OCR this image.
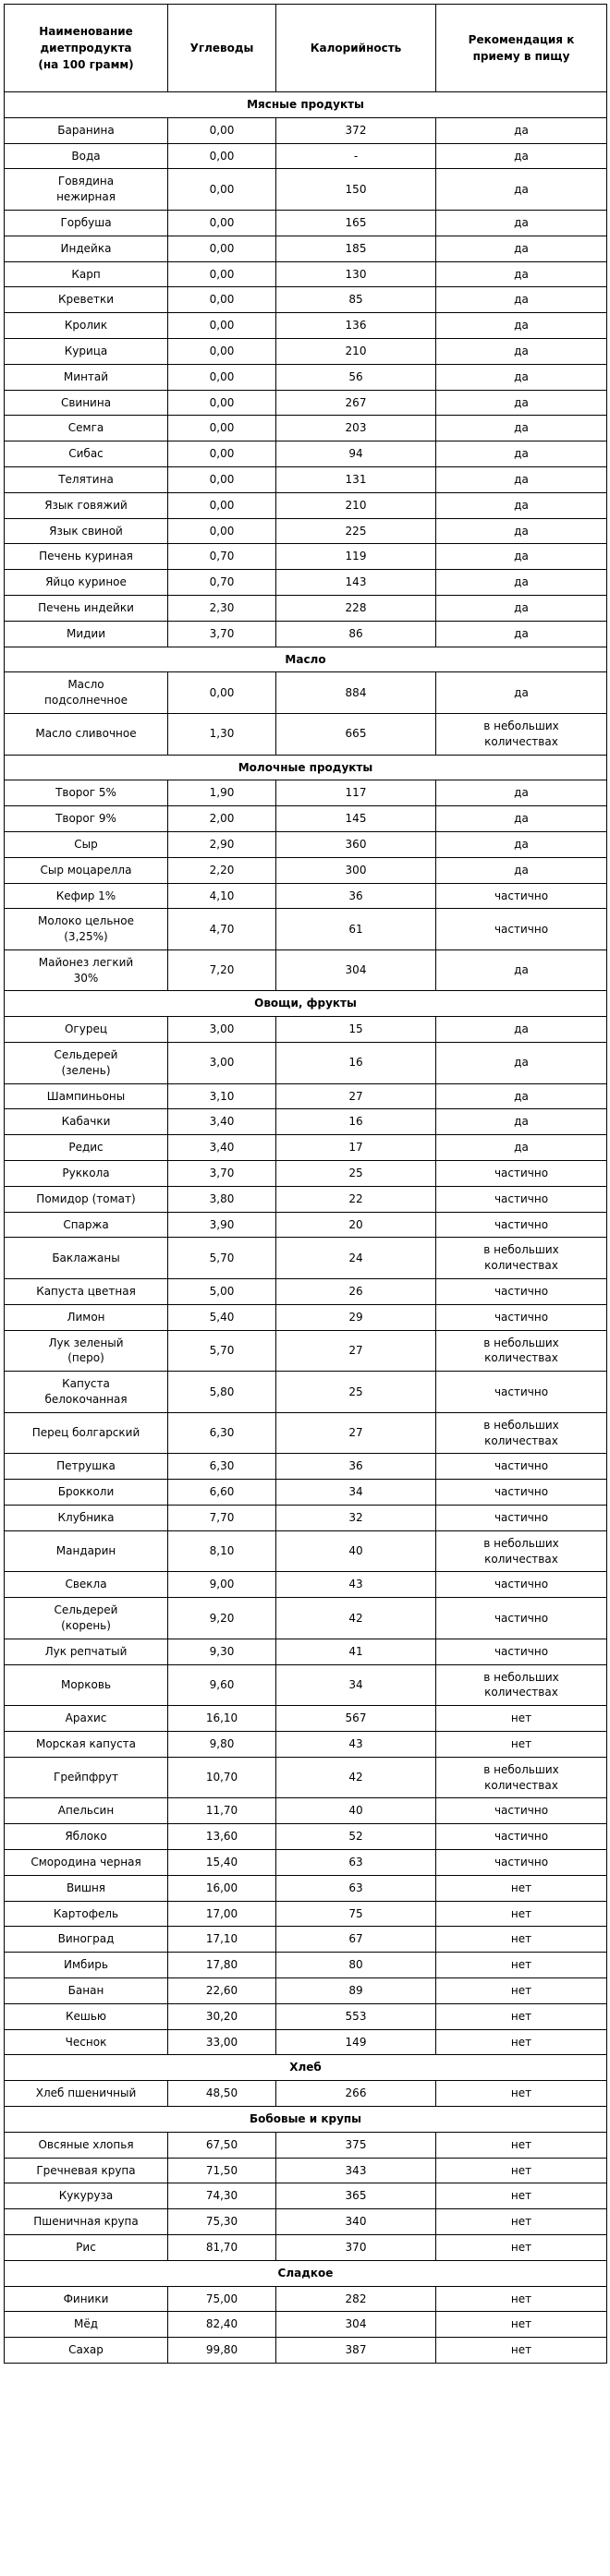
Наименование диетпродукта (на 100 грамм)	Углеводы	Калорийность	Рекомендация к приему в пищу
Мясные продукты			
Баранина	0,00	372	да
Вода	0,00	-	да
Говядина нежирная	0,00	150	да
Горбуша	0,00	165	да
Индейка	0,00	185	да
Карп	0,00	130	да
Креветки	0,00	85	да
Кролик	0,00	136	да
Курица	0,00	210	да
Минтай	0,00	56	да
Свинина	0,00	267	да
Семга	0,00	203	да
Сибас	0,00	94	да
Телятина	0,00	131	да
Язык говяжий	0,00	210	да
Язык свиной	0,00	225	да
Печень куриная	0,70	119	да
Яйцо куриное	0,70	143	да
Печень индейки	2,30	228	да
Мидии	3,70	86	да
Масло			
Масло подсолнечное	0,00	884	да
Масло сливочное	1,30	665	в небольших количествах
Молочные продукты			
Творог 5%	1,90	117	да
Творог 9%	2,00	145	да
Сыр	2,90	360	да
Сыр моцарелла	2,20	300	да
Кефир 1%	4,10	36	частично
Молоко цельное (3,25%)	4,70	61	частично
Майонез легкий 30%	7,20	304	да
Овощи, фрукты			
Огурец	3,00	15	да
Сельдерей (зелень)	3,00	16	да
Шампиньоны	3,10	27	да
Кабачки	3,40	16	да
Редис	3,40	17	да
Руккола	3,70	25	частично
Помидор (томат)	3,80	22	частично
Спаржа	3,90	20	частично
Баклажаны	5,70	24	в небольших количествах
Капуста цветная	5,00	26	частично
Лимон	5,40	29	частично
Лук зеленый (перо)	5,70	27	в небольших количествах
Капуста белокочанная	5,80	25	частично
Перец болгарский	6,30	27	в небольших количествах
Петрушка	6,30	36	частично
Брокколи	6,60	34	частично
Клубника	7,70	32	частично
Мандарин	8,10	40	в небольших количествах
Свекла	9,00	43	частично
Сельдерей (корень)	9,20	42	частично
Лук репчатый	9,30	41	частично
Морковь	9,60	34	в небольших количествах
Арахис	16,10	567	нет
Морская капуста	9,80	43	нет
Грейпфрут	10,70	42	в небольших количествах
Апельсин	11,70	40	частично
Яблоко	13,60	52	частично
Смородина черная	15,40	63	частично
Вишня	16,00	63	нет
Картофель	17,00	75	нет
Виноград	17,10	67	нет
Имбирь	17,80	80	нет
Банан	22,60	89	нет
Кешью	30,20	553	нет
Чеснок	33,00	149	нет
Хлеб			
Хлеб пшеничный	48,50	266	нет
Бобовые и крупы			
Овсяные хлопья	67,50	375	нет
Гречневая крупа	71,50	343	нет
Кукуруза	74,30	365	нет
Пшеничная крупа	75,30	340	нет
Рис	81,70	370	нет
Сладкое			
Финики	75,00	282	нет
Мёд	82,40	304	нет
Сахар	99,80	387	нет
